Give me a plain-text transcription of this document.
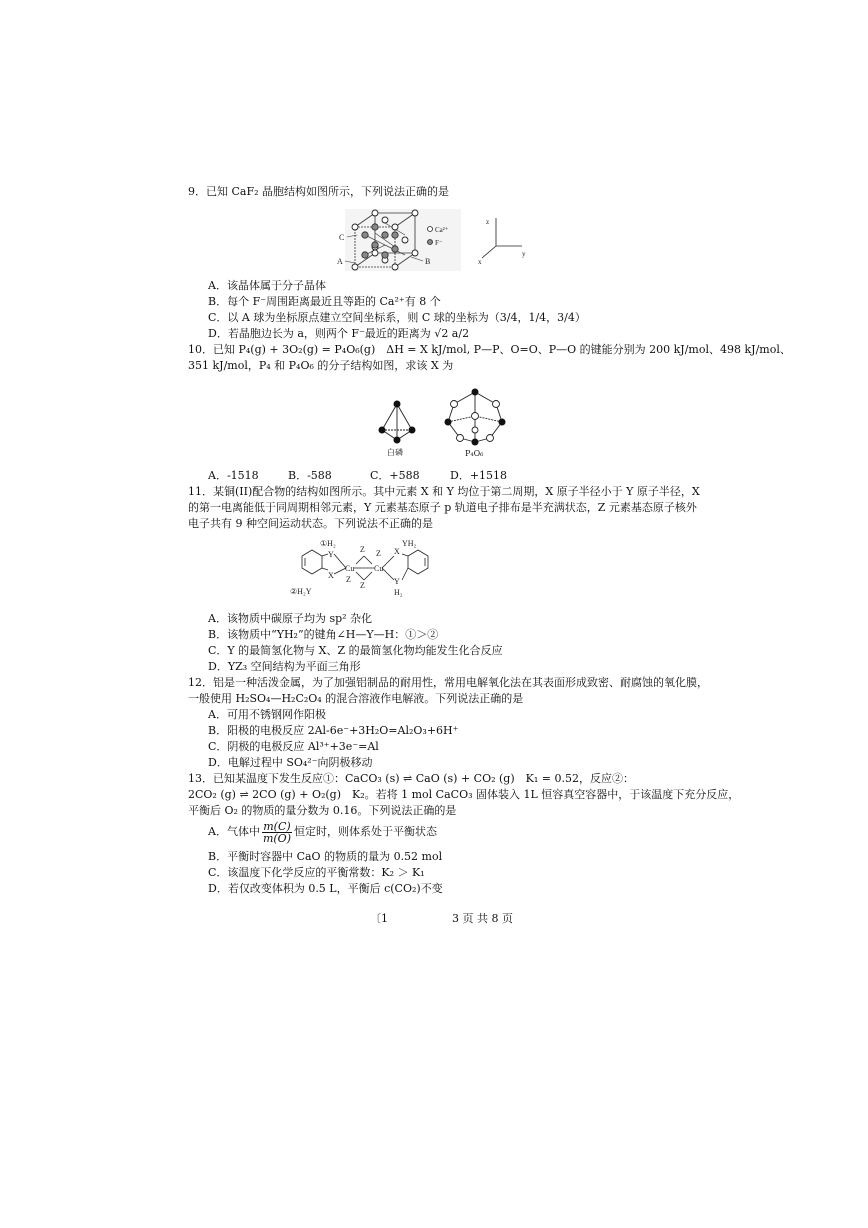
9．已知 CaF₂ 晶胞结构如图所示，下列说法正确的是
C
A	B
Ca²⁺
F⁻
z
y
x
A．该晶体属于分子晶体
B．每个 F⁻周围距离最近且等距的 Ca²⁺有 8 个
C．以 A 球为坐标原点建立空间坐标系，则 C 球的坐标为（3/4，1/4，3/4）
D．若晶胞边长为 a，则两个 F⁻最近的距离为 √2 a/2
10．已知 P₄(g) + 3O₂(g) = P₄O₆(g)　ΔH = X kJ/mol, P—P、O=O、P—O 的键能分别为 200 kJ/mol、498 kJ/mol、
351 kJ/mol，P₄ 和 P₄O₆ 的分子结构如图，求该 X 为
白磷	P₄O₆
A．-1518	B．-588	C．+588	D．+1518
11．某铜(II)配合物的结构如图所示。其中元素 X 和 Y 均位于第二周期，X 原子半径小于 Y 原子半径，X
的第一电离能低于同周期相邻元素，Y 元素基态原子 p 轨道电子排布是半充满状态，Z 元素基态原子核外
电子共有 9 种空间运动状态。下列说法不正确的是
①H₂
Y
X
②H₂Y
Cu Cu
Z
Z
Z
Z
X
Y
YH₂
H₂
A．该物质中碳原子均为 sp² 杂化
B．该物质中“YH₂”的键角∠H—Y—H：①＞②
C．Y 的最简氢化物与 X、Z 的最简氢化物均能发生化合反应
D．YZ₃ 空间结构为平面三角形
12．铝是一种活泼金属，为了加强铝制品的耐用性，常用电解氧化法在其表面形成致密、耐腐蚀的氧化膜，
一般使用 H₂SO₄—H₂C₂O₄ 的混合溶液作电解液。下列说法正确的是
A．可用不锈钢网作阳极
B．阳极的电极反应 2Al-6e⁻+3H₂O=Al₂O₃+6H⁺
C．阴极的电极反应 Al³⁺+3e⁻=Al
D．电解过程中 SO₄²⁻向阴极移动
13．已知某温度下发生反应①：CaCO₃ (s) ⇌ CaO (s) + CO₂ (g)　K₁ = 0.52，反应②：
2CO₂ (g) ⇌ 2CO (g) + O₂(g)　K₂。若将 1 mol CaCO₃ 固体装入 1L 恒容真空容器中，于该温度下充分反应，
平衡后 O₂ 的物质的量分数为 0.16。下列说法正确的是
A．气体中 $\frac{m(C)}{m(O)}$ 恒定时，则体系处于平衡状态
B．平衡时容器中 CaO 的物质的量为 0.52 mol
C．该温度下化学反应的平衡常数：K₂ ＞ K₁
D．若仅改变体积为 0.5 L，平衡后 c(CO₂)不变
〔1	3 页 共 8 页
